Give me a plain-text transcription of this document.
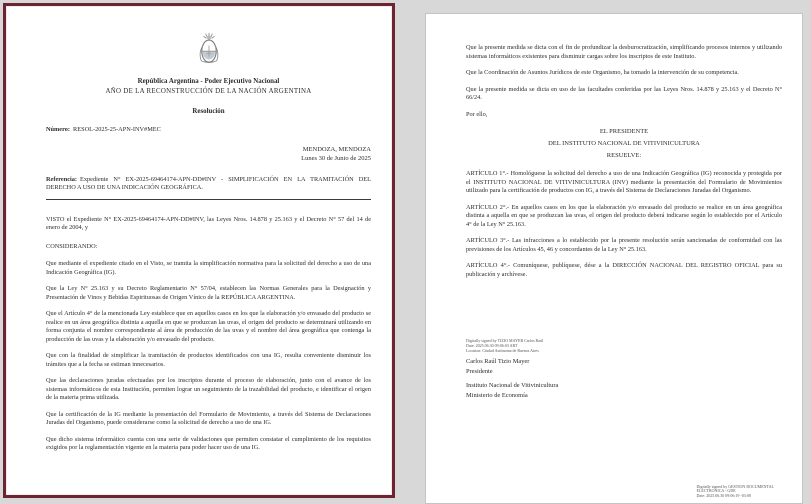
República Argentina - Poder Ejecutivo Nacional
AÑO DE LA RECONSTRUCCIÓN DE LA NACIÓN ARGENTINA
Resolución

Número: RESOL-2025-25-APN-INV#MEC

MENDOZA, MENDOZA
Lunes 30 de Junio de 2025

Referencia: Expediente N° EX-2025-69464174-APN-DD#INV - SIMPLIFICACIÓN EN LA TRAMITACIÓN DEL DERECHO A USO DE UNA INDICACIÓN GEOGRÁFICA.

VISTO el Expediente N° EX-2025-69464174-APN-DD#INV, las Leyes Nros. 14.878 y 25.163 y el Decreto N° 57 del 14 de enero de 2004, y

CONSIDERANDO:

Que mediante el expediente citado en el Visto, se tramita la simplificación normativa para la solicitud del derecho a uso de una Indicación Geográfica (IG).

Que la Ley N° 25.163 y su Decreto Reglamentario N° 57/04, establecen las Normas Generales para la Designación y Presentación de Vinos y Bebidas Espirituosas de Origen Vínico de la REPÚBLICA ARGENTINA.

Que el Artículo 4° de la mencionada Ley establece que en aquellos casos en los que la elaboración y/o envasado del producto se realice en un área geográfica distinta a aquella en que se produzcan las uvas, el origen del producto se determinará utilizando en forma conjunta el nombre correspondiente al área de producción de las uvas y el nombre del área geográfica que contenga la producción de las uvas y la elaboración y/o envasado del producto.

Que con la finalidad de simplificar la tramitación de productos identificados con una IG, resulta conveniente disminuir los trámites que a la fecha se estiman innecesarios.

Que las declaraciones juradas efectuadas por los inscriptos durante el proceso de elaboración, junto con el avance de los sistemas informáticos de esta Institución, permiten lograr un seguimiento de la trazabilidad del producto, e identificar el origen de la materia prima utilizada.

Que la certificación de la IG mediante la presentación del Formulario de Movimiento, a través del Sistema de Declaraciones Juradas del Organismo, puede considerarse como la solicitud de derecho a uso de una IG.

Que dicho sistema informático cuenta con una serie de validaciones que permiten constatar el cumplimiento de los requisitos exigidos por la reglamentación vigente en la materia para poder hacer uso de una IG.

Que la presente medida se dicta con el fin de profundizar la desburocratización, simplificando procesos internos y utilizando sistemas informáticos existentes para disminuir cargas sobre los inscriptos de este Instituto.

Que la Coordinación de Asuntos Jurídicos de este Organismo, ha tomado la intervención de su competencia.

Que la presente medida se dicta en uso de las facultades conferidas por las Leyes Nros. 14.878 y 25.163 y el Decreto N° 66/24.

Por ello,

EL PRESIDENTE
DEL INSTITUTO NACIONAL DE VITIVINICULTURA
RESUELVE:

ARTÍCULO 1°.- Homológuese la solicitud del derecho a uso de una Indicación Geográfica (IG) reconocida y protegida por el INSTITUTO NACIONAL DE VITIVINICULTURA (INV) mediante la presentación del Formulario de Movimientos utilizado para la certificación de productos con IG, a través del Sistema de Declaraciones Juradas del Organismo.

ARTÍCULO 2°.- En aquellos casos en los que la elaboración y/o envasado del producto se realice en un área geográfica distinta a aquella en que se produzcan las uvas, el origen del producto deberá indicarse según lo establecido por el Artículo 4° de la Ley N° 25.163.

ARTÍCULO 3°.- Las infracciones a lo establecido por la presente resolución serán sancionadas de conformidad con las previsiones de los Artículos 45, 46 y concordantes de la Ley N° 25.163.

ARTÍCULO 4°.- Comuníquese, publíquese, dése a la DIRECCIÓN NACIONAL DEL REGISTRO OFICIAL para su publicación y archívese.

Digitally signed by TIZIO MAYER Carlos Raúl
Date: 2025.06.30 09:06:03 ART
Location: Ciudad Autónoma de Buenos Aires

Carlos Raúl Tizio Mayer

Presidente

Instituto Nacional de Vitivinicultura

Ministerio de Economía

Digitally signed by GESTION DOCUMENTAL
ELECTRONICA - GDE
Date: 2025.06.30 09:06:19 -03:00
